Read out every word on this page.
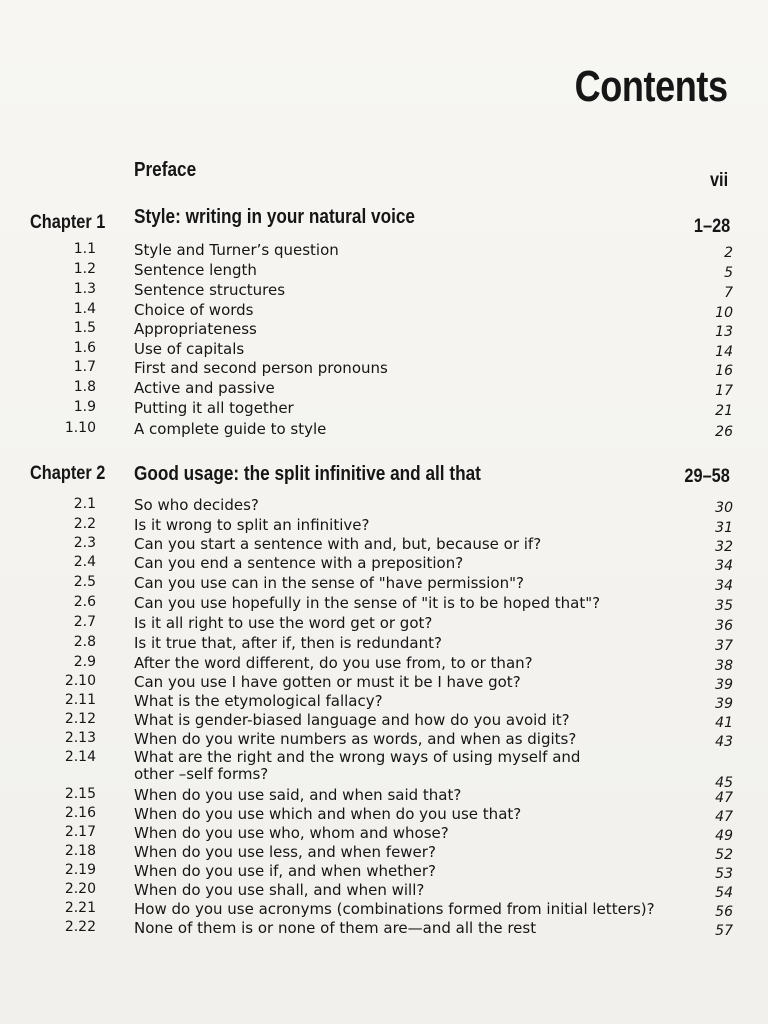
Contents
Preface	vii
Chapter 1 Style: writing in your natural voice	1–28
1.1	Style and Turner’s question	2
1.2	Sentence length	5
1.3	Sentence structures	7
1.4	Choice of words	10
1.5	Appropriateness	13
1.6	Use of capitals	14
1.7	First and second person pronouns	16
1.8	Active and passive	17
1.9	Putting it all together	21
1.10	A complete guide to style	26
Chapter 2 Good usage: the split infinitive and all that	29–58
2.1	So who decides?	30
2.2	Is it wrong to split an infinitive?	31
2.3	Can you start a sentence with and, but, because or if?	32
2.4	Can you end a sentence with a preposition?	34
2.5	Can you use can in the sense of "have permission"?	34
2.6	Can you use hopefully in the sense of "it is to be hoped that"?	35
2.7	Is it all right to use the word get or got?	36
2.8	Is it true that, after if, then is redundant?	37
2.9	After the word different, do you use from, to or than?	38
2.10	Can you use I have gotten or must it be I have got?	39
2.11	What is the etymological fallacy?	39
2.12	What is gender-biased language and how do you avoid it?	41
2.13	When do you write numbers as words, and when as digits?	43
2.14	What are the right and the wrong ways of using myself and
other –self forms?	45
2.15	When do you use said, and when said that?	47
2.16	When do you use which and when do you use that?	47
2.17	When do you use who, whom and whose?	49
2.18	When do you use less, and when fewer?	52
2.19	When do you use if, and when whether?	53
2.20	When do you use shall, and when will?	54
2.21	How do you use acronyms (combinations formed from initial letters)?	56
2.22	None of them is or none of them are—and all the rest	57
